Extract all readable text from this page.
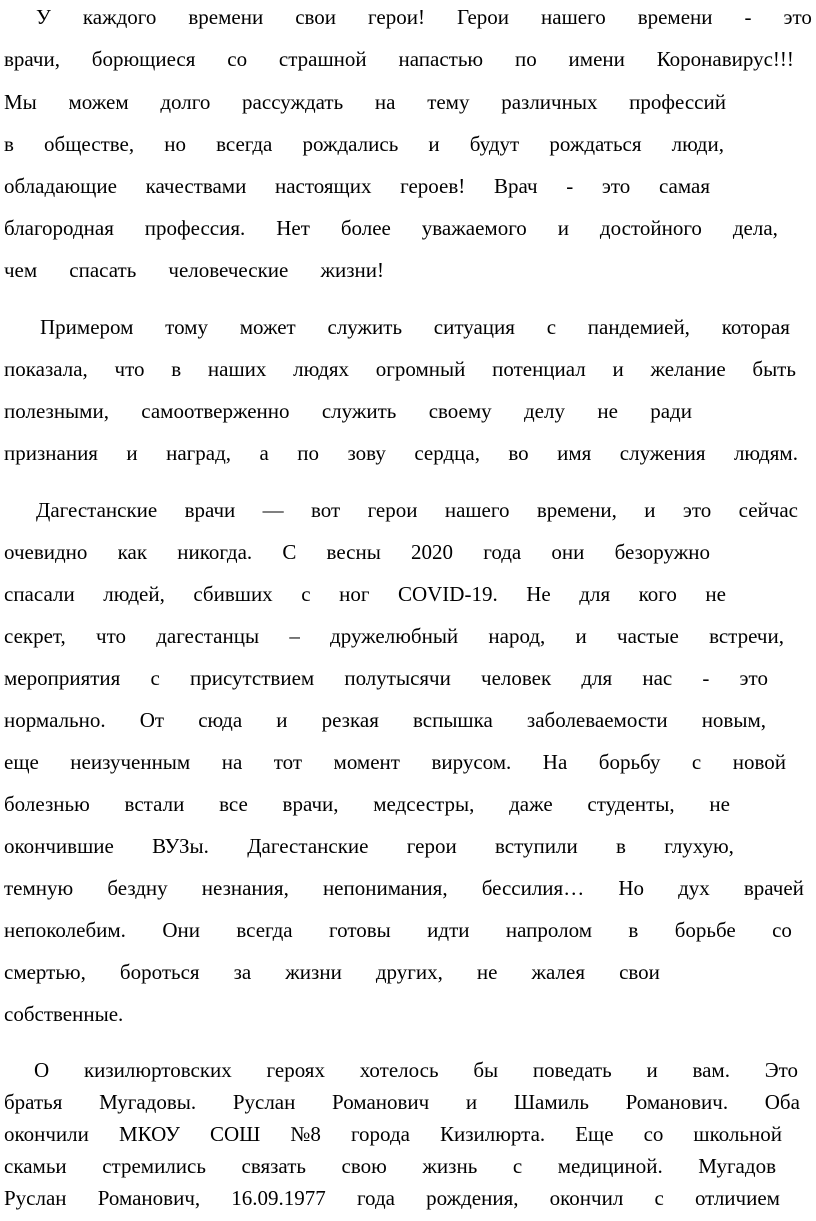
У каждого времени свои герои! Герои нашего времени - это
врачи, борющиеся со страшной напастью по имени Коронавирус!!!
Мы можем долго рассуждать на тему различных профессий
в обществе, но всегда рождались и будут рождаться люди,
обладающие качествами настоящих героев! Врач - это самая
благородная профессия. Нет более уважаемого и достойного дела,
чем спасать человеческие жизни!
Примером тому может служить ситуация с пандемией, которая
показала, что в наших людях огромный потенциал и желание быть
полезными, самоотверженно служить своему делу не ради
признания и наград, а по зову сердца, во имя служения людям.
Дагестанские врачи — вот герои нашего времени, и это сейчас
очевидно как никогда. С весны 2020 года они безоружно
спасали людей, сбивших с ног COVID-19. Не для кого не
секрет, что дагестанцы – дружелюбный народ, и частые встречи,
мероприятия с присутствием полутысячи человек для нас - это
нормально. От сюда и резкая вспышка заболеваемости новым,
еще неизученным на тот момент вирусом. На борьбу с новой
болезнью встали все врачи, медсестры, даже студенты, не
окончившие ВУЗы. Дагестанские герои вступили в глухую,
темную бездну незнания, непонимания, бессилия… Но дух врачей
непоколебим. Они всегда готовы идти напролом в борьбе со
смертью, бороться за жизни других, не жалея свои
собственные.
О кизилюртовских героях хотелось бы поведать и вам. Это
братья Мугадовы. Руслан Романович и Шамиль Романович. Оба
окончили МКОУ СОШ №8 города Кизилюрта. Еще со школьной
скамьи стремились связать свою жизнь с медициной. Мугадов
Руслан Романович, 16.09.1977 года рождения, окончил с отличием
